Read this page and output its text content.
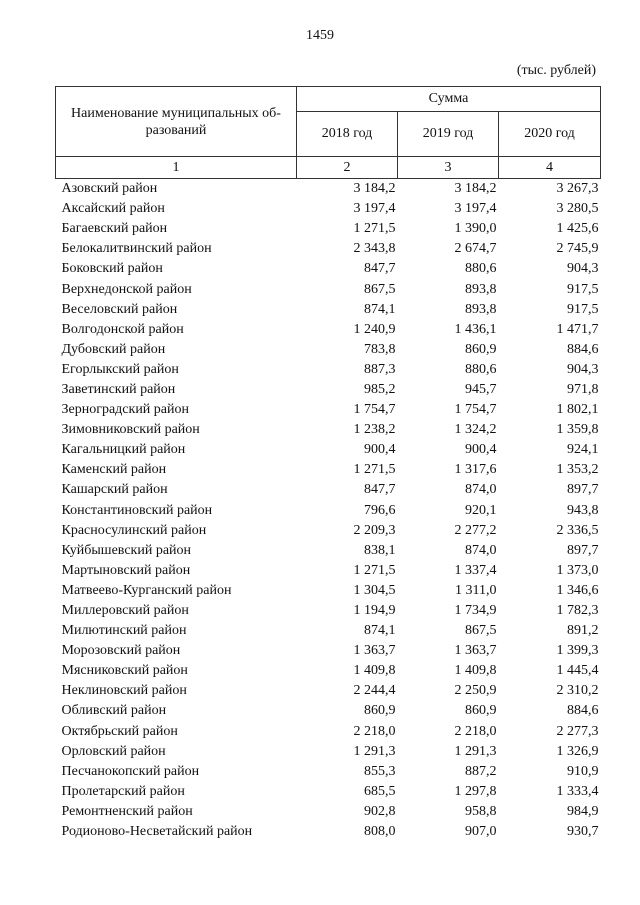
1459
(тыс. рублей)
Наименование муниципальных об-разований	Сумма		
	2018 год	2019 год	2020 год
1	2	3	4
Азовский район	3 184,2	3 184,2	3 267,3
Аксайский район	3 197,4	3 197,4	3 280,5
Багаевский район	1 271,5	1 390,0	1 425,6
Белокалитвинский район	2 343,8	2 674,7	2 745,9
Боковский район	847,7	880,6	904,3
Верхнедонской район	867,5	893,8	917,5
Веселовский район	874,1	893,8	917,5
Волгодонской район	1 240,9	1 436,1	1 471,7
Дубовский район	783,8	860,9	884,6
Егорлыкский район	887,3	880,6	904,3
Заветинский район	985,2	945,7	971,8
Зерноградский район	1 754,7	1 754,7	1 802,1
Зимовниковский район	1 238,2	1 324,2	1 359,8
Кагальницкий район	900,4	900,4	924,1
Каменский район	1 271,5	1 317,6	1 353,2
Кашарский район	847,7	874,0	897,7
Константиновский район	796,6	920,1	943,8
Красносулинский район	2 209,3	2 277,2	2 336,5
Куйбышевский район	838,1	874,0	897,7
Мартыновский район	1 271,5	1 337,4	1 373,0
Матвеево-Курганский район	1 304,5	1 311,0	1 346,6
Миллеровский район	1 194,9	1 734,9	1 782,3
Милютинский район	874,1	867,5	891,2
Морозовский район	1 363,7	1 363,7	1 399,3
Мясниковский район	1 409,8	1 409,8	1 445,4
Неклиновский район	2 244,4	2 250,9	2 310,2
Обливский район	860,9	860,9	884,6
Октябрьский район	2 218,0	2 218,0	2 277,3
Орловский район	1 291,3	1 291,3	1 326,9
Песчанокопский район	855,3	887,2	910,9
Пролетарский район	685,5	1 297,8	1 333,4
Ремонтненский район	902,8	958,8	984,9
Родионово-Несветайский район	808,0	907,0	930,7
